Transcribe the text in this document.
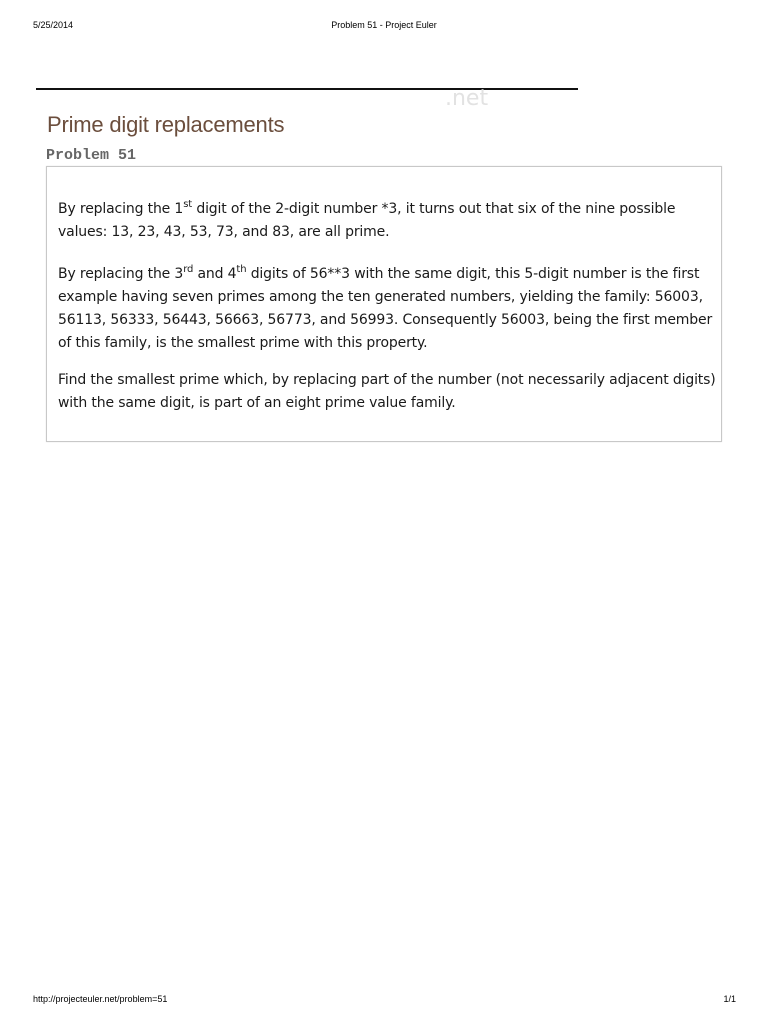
5/25/2014	Problem 51 - Project Euler
.net
Prime digit replacements
Problem 51

By replacing the 1st digit of the 2-digit number *3, it turns out that six of the nine possible values: 13, 23, 43, 53, 73, and 83, are all prime.

By replacing the 3rd and 4th digits of 56**3 with the same digit, this 5-digit number is the first example having seven primes among the ten generated numbers, yielding the family: 56003, 56113, 56333, 56443, 56663, 56773, and 56993. Consequently 56003, being the first member of this family, is the smallest prime with this property.

Find the smallest prime which, by replacing part of the number (not necessarily adjacent digits) with the same digit, is part of an eight prime value family.

http://projecteuler.net/problem=51	1/1
